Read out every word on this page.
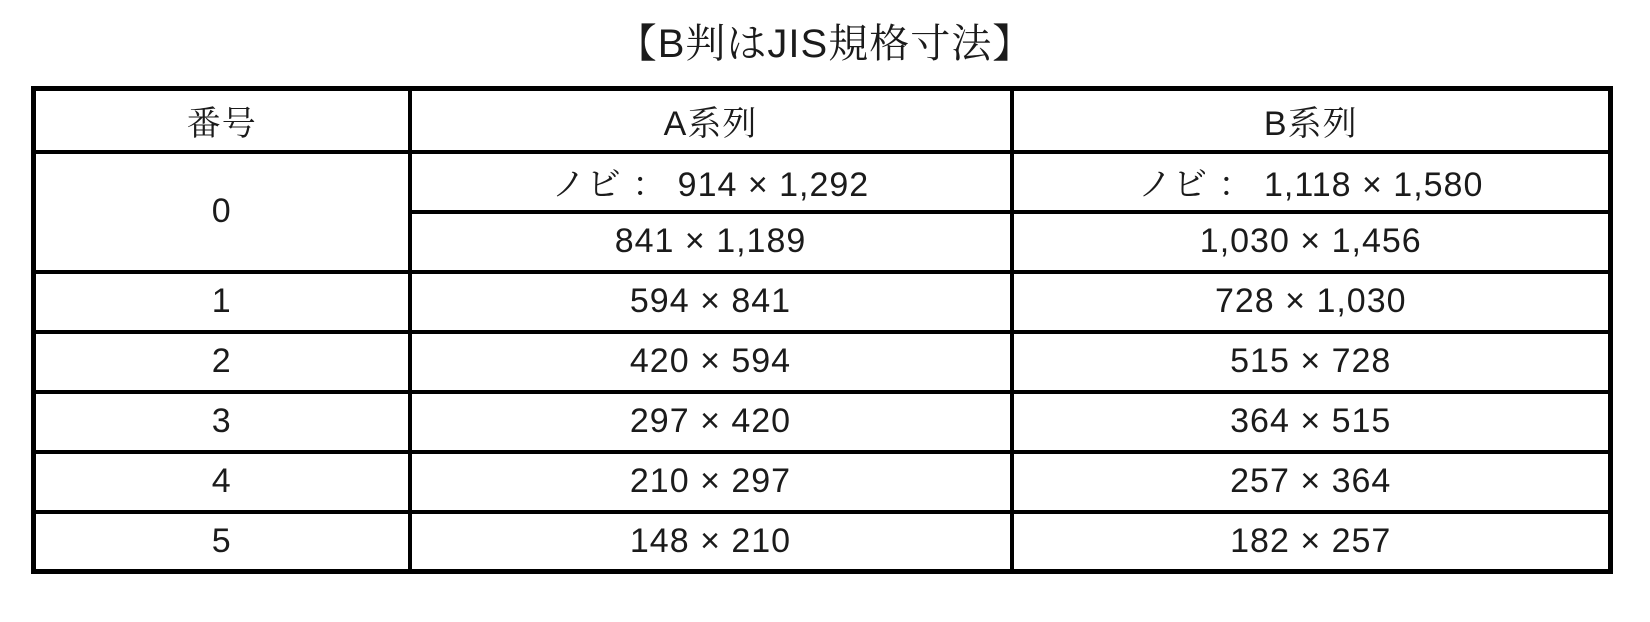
【B判はJIS規格寸法】
番号	A系列	B系列
0	ノビ ： 914 × 1,292	ノビ ： 1,118 × 1,580
	841 × 1,189	1,030 × 1,456
1	594 × 841	728 × 1,030
2	420 × 594	515 × 728
3	297 × 420	364 × 515
4	210 × 297	257 × 364
5	148 × 210	182 × 257
